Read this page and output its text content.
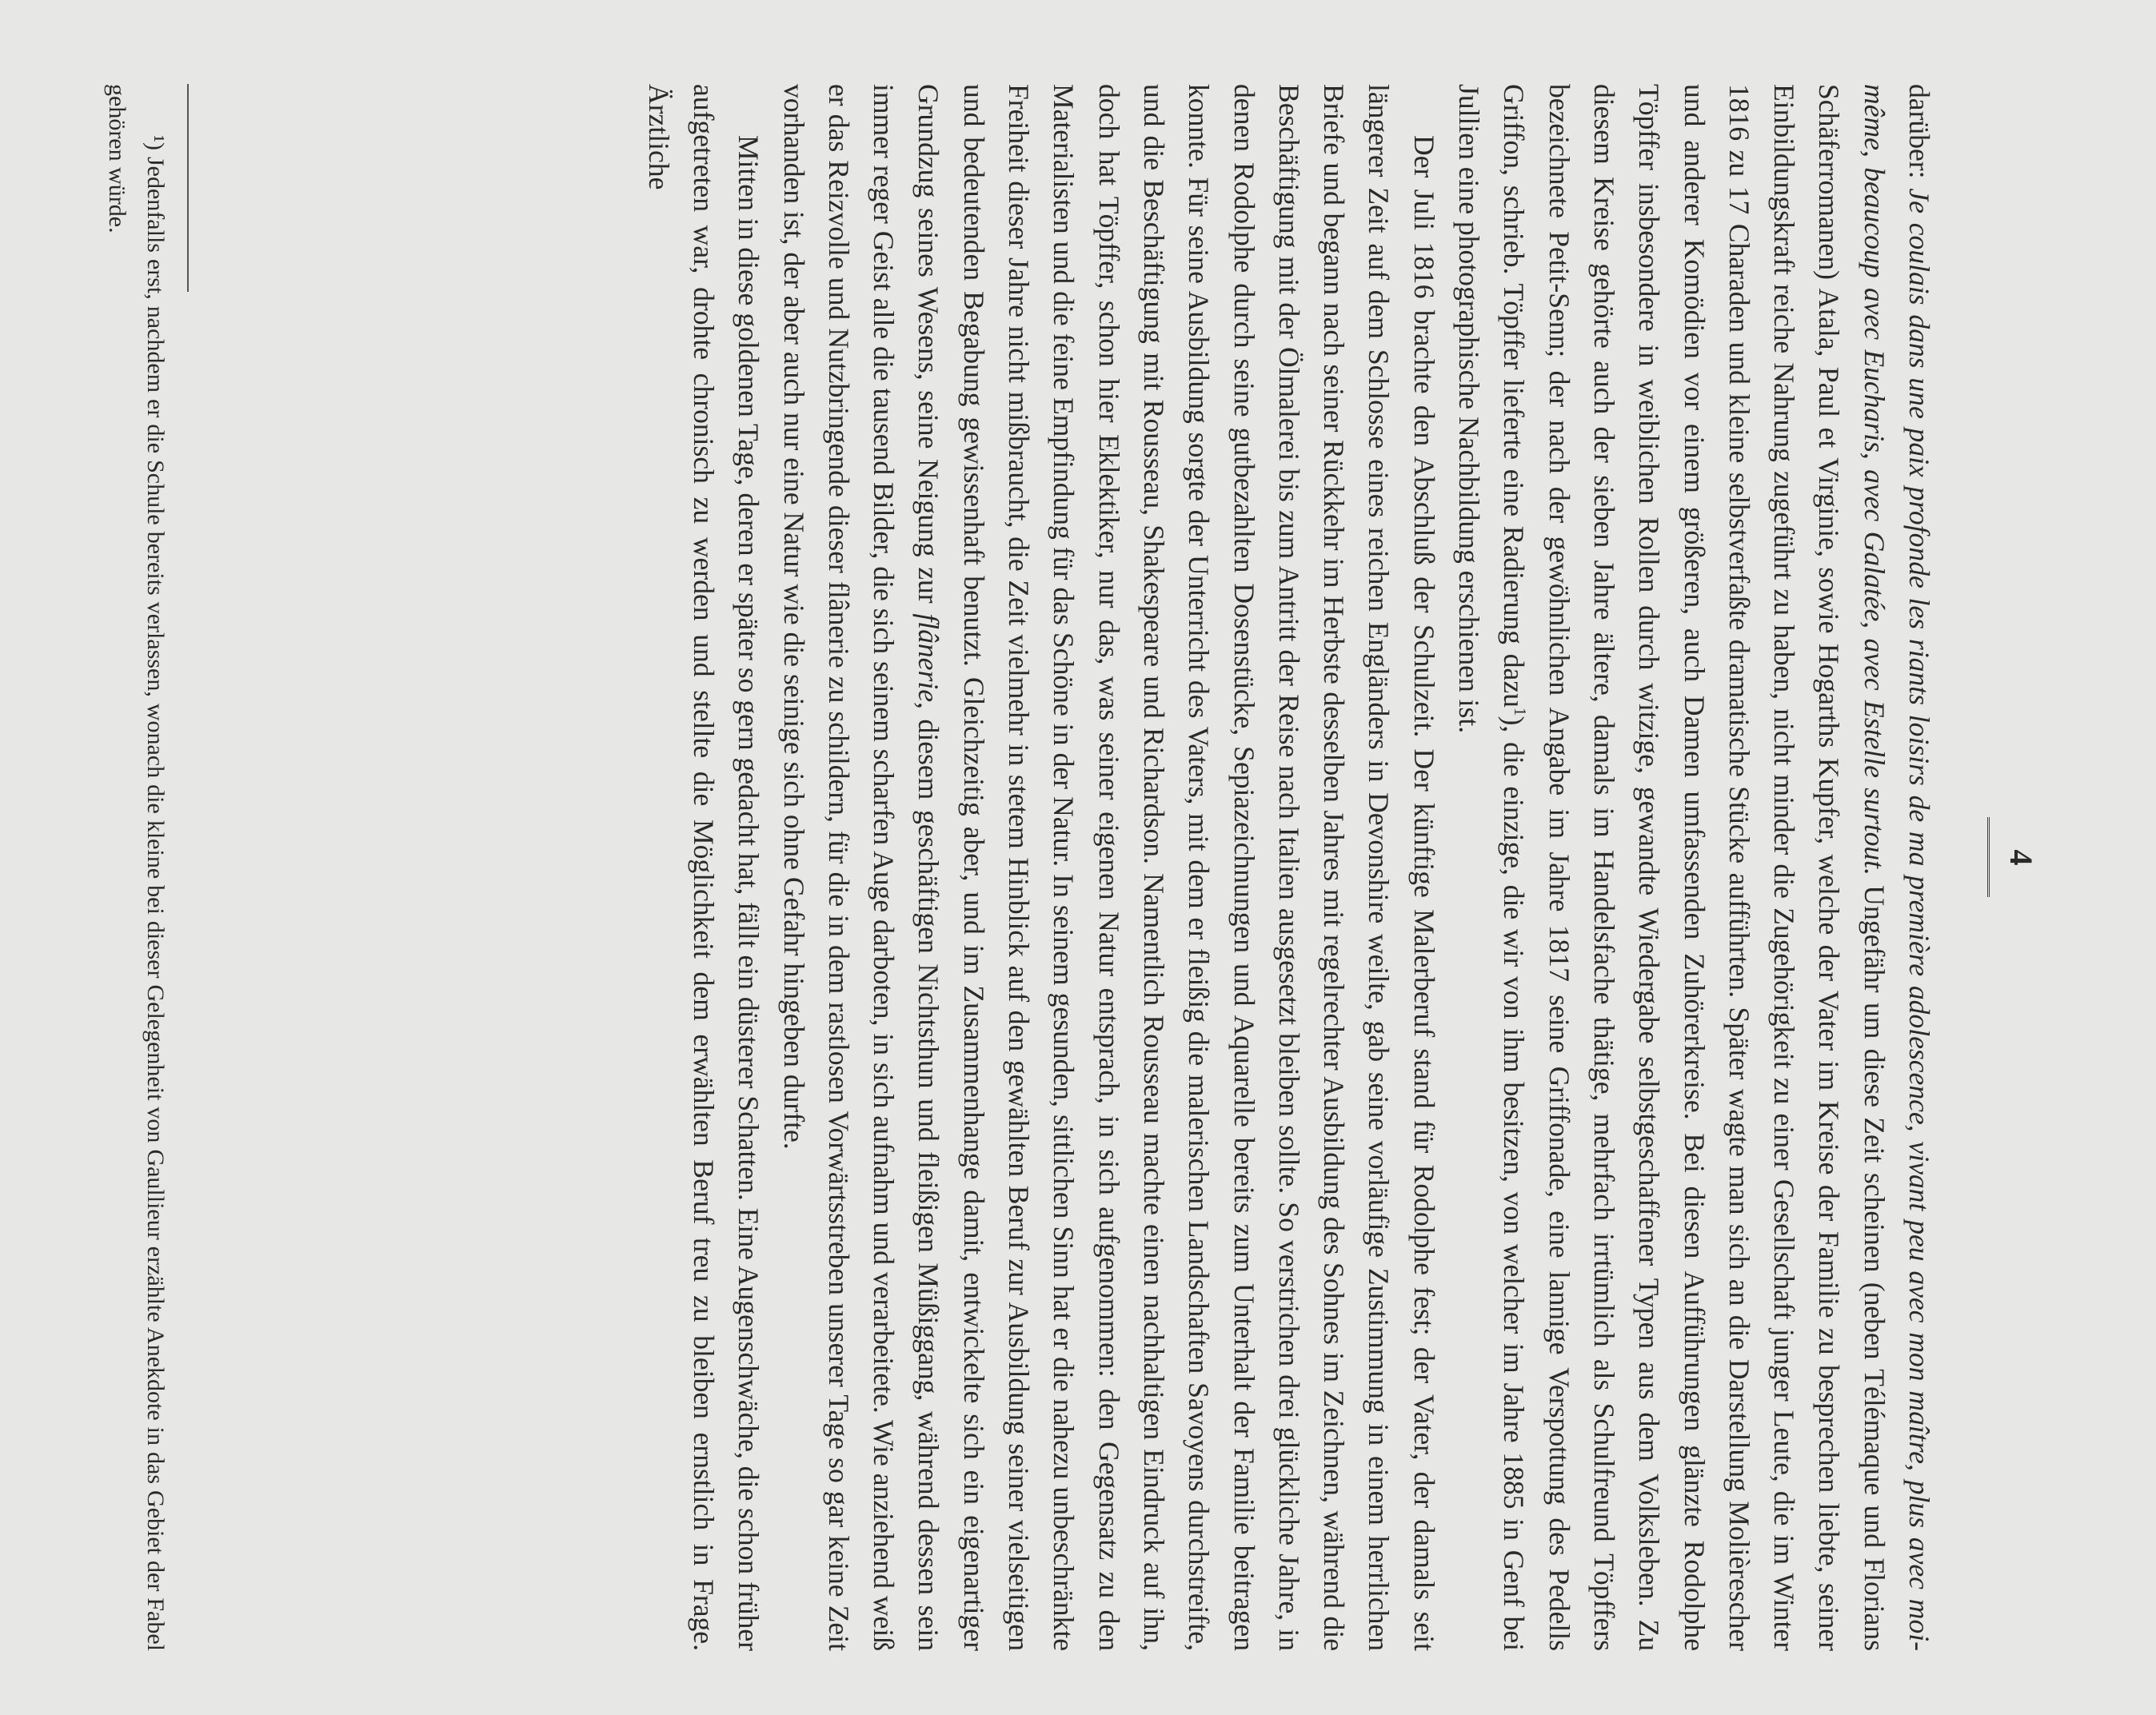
4

darüber: Je coulais dans une paix profonde les riants loisirs de ma première adolescence, vivant peu avec mon maître, plus avec moi-même, beaucoup avec Eucharis, avec Galatée, avec Estelle surtout. Ungefähr um diese Zeit scheinen (neben Télémaque und Florians Schäferromanen) Atala, Paul et Virginie, sowie Hogarths Kupfer, welche der Vater im Kreise der Familie zu besprechen liebte, seiner Einbildungskraft reiche Nahrung zugeführt zu haben, nicht minder die Zugehörigkeit zu einer Gesellschaft junger Leute, die im Winter 1816 zu 17 Charaden und kleine selbstverfaßte dramatische Stücke aufführten. Später wagte man sich an die Darstellung Molièrescher und anderer Komödien vor einem größeren, auch Damen umfassenden Zuhörerkreise. Bei diesen Aufführungen glänzte Rodolphe Töpffer insbesondere in weiblichen Rollen durch witzige, gewandte Wiedergabe selbstgeschaffener Typen aus dem Volksleben. Zu diesem Kreise gehörte auch der sieben Jahre ältere, damals im Handelsfache thätige, mehrfach irrtümlich als Schulfreund Töpffers bezeichnete Petit-Senn; der nach der gewöhnlichen Angabe im Jahre 1817 seine Griffonade, eine lannige Verspottung des Pedells Griffon, schrieb. Töpffer lieferte eine Radierung dazu$^1$), die einzige, die wir von ihm besitzen, von welcher im Jahre 1885 in Genf bei Jullien eine photographische Nachbildung erschienen ist.

Der Juli 1816 brachte den Abschluß der Schulzeit. Der künftige Malerberuf stand für Rodolphe fest; der Vater, der damals seit längerer Zeit auf dem Schlosse eines reichen Engländers in Devonshire weilte, gab seine vorläufige Zustimmung in einem herrlichen Briefe und begann nach seiner Rückkehr im Herbste desselben Jahres mit regelrechter Ausbildung des Sohnes im Zeichnen, während die Beschäftigung mit der Ölmalerei bis zum Antritt der Reise nach Italien ausgesetzt bleiben sollte. So verstrichen drei glückliche Jahre, in denen Rodolphe durch seine gutbezahlten Dosenstücke, Sepiazeichnungen und Aquarelle bereits zum Unterhalt der Familie beitragen konnte. Für seine Ausbildung sorgte der Unterricht des Vaters, mit dem er fleißig die malerischen Landschaften Savoyens durchstreifte, und die Beschäftigung mit Rousseau, Shakespeare und Richardson. Namentlich Rousseau machte einen nachhaltigen Eindruck auf ihn, doch hat Töpffer, schon hier Eklektiker, nur das, was seiner eigenen Natur entsprach, in sich aufgenommen: den Gegensatz zu den Materialisten und die feine Empfindung für das Schöne in der Natur. In seinem gesunden, sittlichen Sinn hat er die nahezu unbeschränkte Freiheit dieser Jahre nicht mißbraucht, die Zeit vielmehr in stetem Hinblick auf den gewählten Beruf zur Ausbildung seiner vielseitigen und bedeutenden Begabung gewissenhaft benutzt. Gleichzeitig aber, und im Zusammenhange damit, entwickelte sich ein eigenartiger Grundzug seines Wesens, seine Neigung zur flânerie, diesem geschäftigen Nichtsthun und fleißigen Müßiggang, während dessen sein immer reger Geist alle die tausend Bilder, die sich seinem scharfen Auge darboten, in sich aufnahm und verarbeitete. Wie anziehend weiß er das Reizvolle und Nutzbringende dieser flânerie zu schildern, für die in dem rastlosen Vorwärtsstreben unserer Tage so gar keine Zeit vorhanden ist, der aber auch nur eine Natur wie die seinige sich ohne Gefahr hingeben durfte.

Mitten in diese goldenen Tage, deren er später so gern gedacht hat, fällt ein düsterer Schatten. Eine Augenschwäche, die schon früher aufgetreten war, drohte chronisch zu werden und stellte die Möglichkeit dem erwählten Beruf treu zu bleiben ernstlich in Frage. Ärztliche

¹) Jedenfalls erst, nachdem er die Schule bereits verlassen, wonach die kleine bei dieser Gelegenheit von Gaullieur erzählte Anekdote in das Gebiet der Fabel gehören würde.
